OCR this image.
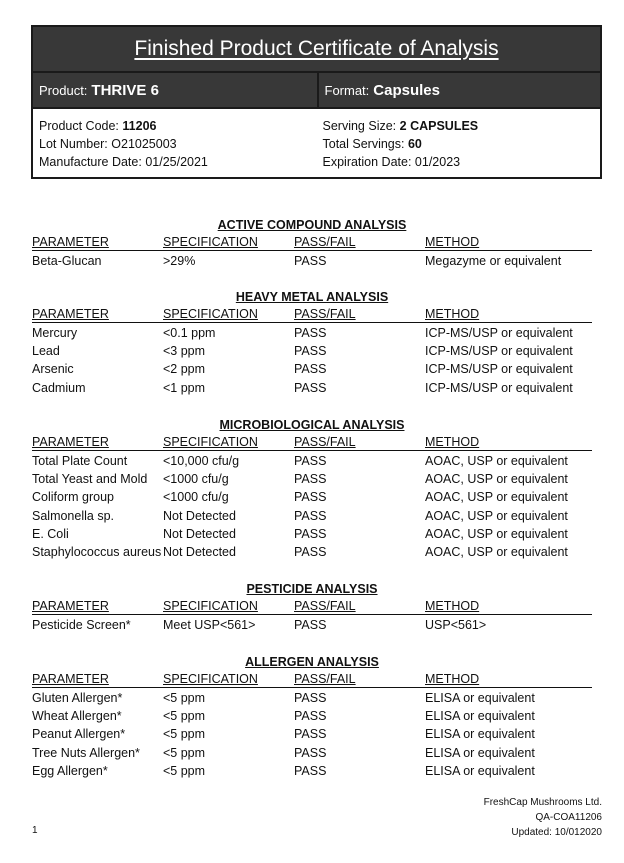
Finished Product Certificate of Analysis
Product: THRIVE 6	Format: Capsules
Product Code: 11206
Lot Number: O21025003
Manufacture Date: 01/25/2021
Serving Size: 2 CAPSULES
Total Servings: 60
Expiration Date: 01/2023
ACTIVE COMPOUND ANALYSIS
PARAMETER	SPECIFICATION	PASS/FAIL	METHOD
Beta-Glucan	>29%	PASS	Megazyme or equivalent
HEAVY METAL ANALYSIS
PARAMETER	SPECIFICATION	PASS/FAIL	METHOD
Mercury	<0.1 ppm	PASS	ICP-MS/USP or equivalent
Lead	<3 ppm	PASS	ICP-MS/USP or equivalent
Arsenic	<2 ppm	PASS	ICP-MS/USP or equivalent
Cadmium	<1 ppm	PASS	ICP-MS/USP or equivalent
MICROBIOLOGICAL ANALYSIS
PARAMETER	SPECIFICATION	PASS/FAIL	METHOD
Total Plate Count	<10,000 cfu/g	PASS	AOAC, USP or equivalent
Total Yeast and Mold	<1000 cfu/g	PASS	AOAC, USP or equivalent
Coliform group	<1000 cfu/g	PASS	AOAC, USP or equivalent
Salmonella sp.	Not Detected	PASS	AOAC, USP or equivalent
E. Coli	Not Detected	PASS	AOAC, USP or equivalent
Staphylococcus aureus Not Detected	PASS	AOAC, USP or equivalent
PESTICIDE ANALYSIS
PARAMETER	SPECIFICATION	PASS/FAIL	METHOD
Pesticide Screen*	Meet USP<561>	PASS	USP<561>
ALLERGEN ANALYSIS
PARAMETER	SPECIFICATION	PASS/FAIL	METHOD
Gluten Allergen*	<5 ppm	PASS	ELISA or equivalent
Wheat Allergen*	<5 ppm	PASS	ELISA or equivalent
Peanut Allergen*	<5 ppm	PASS	ELISA or equivalent
Tree Nuts Allergen*	<5 ppm	PASS	ELISA or equivalent
Egg Allergen*	<5 ppm	PASS	ELISA or equivalent
FreshCap Mushrooms Ltd.
QA-COA11206
Updated: 10/012020
1
